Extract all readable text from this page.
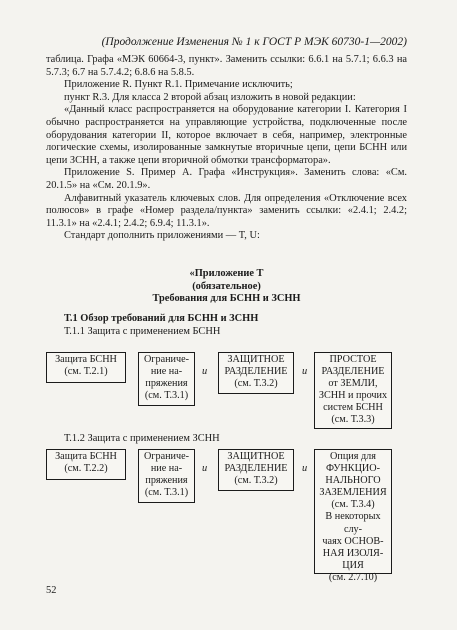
(Продолжение Изменения № 1 к ГОСТ Р МЭК 60730-1—2002)

таблица. Графа «МЭК 60664-3, пункт». Заменить ссылки: 6.6.1 на 5.7.1; 6.6.3 на 5.7.3; 6.7 на 5.7.4.2; 6.8.6 на 5.8.5.

Приложение R. Пункт R.1. Примечание исключить;

пункт R.3. Для класса 2 второй абзац изложить в новой редакции:

«Данный класс распространяется на оборудование категории I. Категория I обычно распространяется на управляющие устройства, подключенные после оборудования категории II, которое включает в себя, например, электронные логические схемы, изолированные замкнутые вторичные цепи, цепи БСНН или цепи ЗСНН, а также цепи вторичной обмотки трансформатора».

Приложение S. Пример А. Графа «Инструкция». Заменить слова: «См. 20.1.5» на «См. 20.1.9».

Алфавитный указатель ключевых слов. Для определения «Отключение всех полюсов» в графе «Номер раздела/пункта» заменить ссылки: «2.4.1; 2.4.2; 11.3.1» на «2.4.1; 2.4.2; 6.9.4; 11.3.1».

Стандарт дополнить приложениями — T, U:

«Приложение Т
(обязательное)
Требования для БСНН и ЗСНН
Т.1 Обзор требований для БСНН и ЗСНН
Т.1.1 Защита с применением БСНН
Защита БСНН
(см. Т.2.1)
Ограниче-
ние на-
пряжения
(см. Т.3.1)
и
ЗАЩИТНОЕ
РАЗДЕЛЕНИЕ
(см. Т.3.2)
и
ПРОСТОЕ
РАЗДЕЛЕНИЕ
от ЗЕМЛИ,
ЗСНН и прочих
систем БСНН
(см. Т.3.3)
Т.1.2 Защита с применением ЗСНН
Защита БСНН
(см. Т.2.2)
Ограниче-
ние на-
пряжения
(см. Т.3.1)
и
ЗАЩИТНОЕ
РАЗДЕЛЕНИЕ
(см. Т.3.2)
и
Опция для
ФУНКЦИО-
НАЛЬНОГО
ЗАЗЕМЛЕНИЯ
(см. Т.3.4)
В некоторых слу-
чаях ОСНОВ-
НАЯ ИЗОЛЯ-
ЦИЯ
(см. 2.7.10)
52
